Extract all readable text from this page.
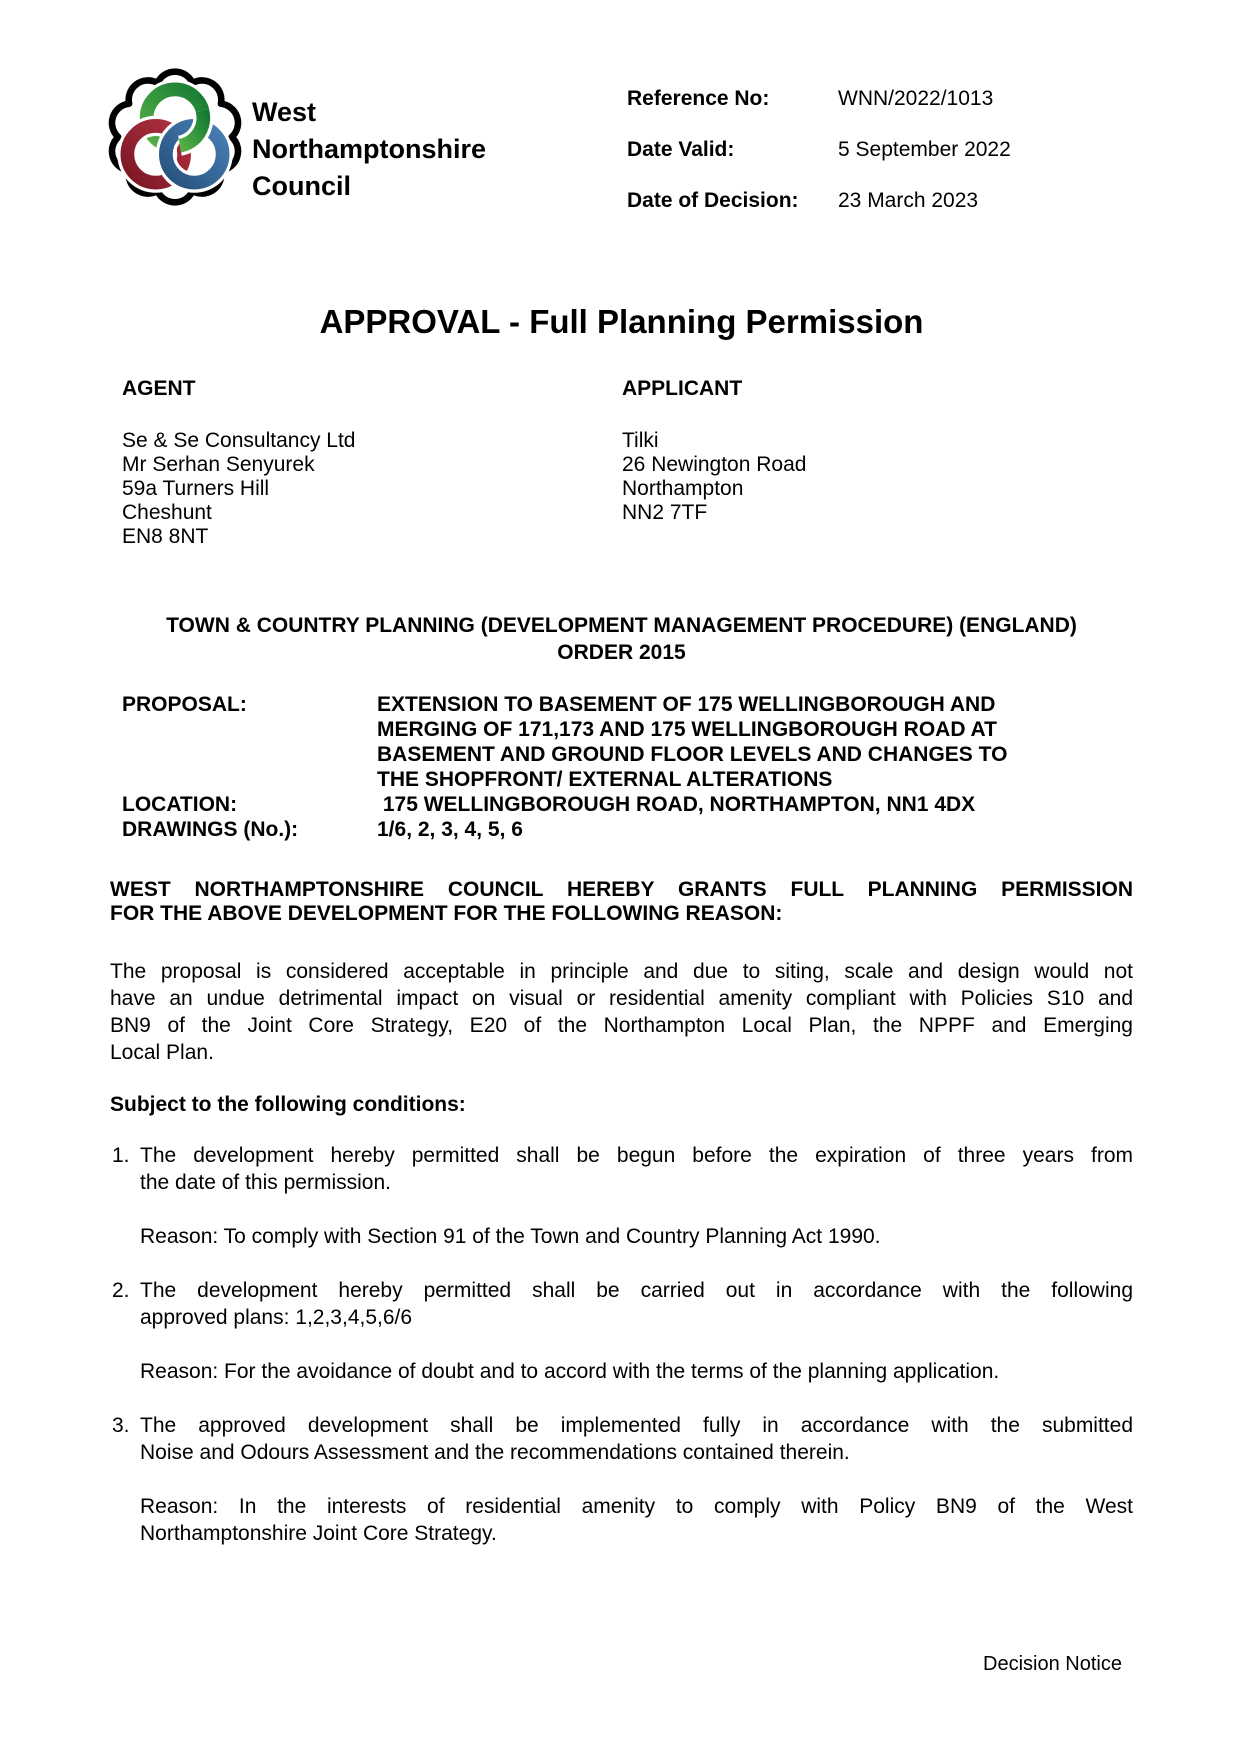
West
Northamptonshire
Council
Reference No:	WNN/2022/1013
Date Valid:	5 September 2022
Date of Decision: 23 March 2023
APPROVAL - Full Planning Permission
AGENT
Se & Se Consultancy Ltd
Mr Serhan Senyurek
59a Turners Hill
Cheshunt
EN8 8NT
APPLICANT
Tilki
26 Newington Road
Northampton
NN2 7TF
TOWN & COUNTRY PLANNING (DEVELOPMENT MANAGEMENT PROCEDURE) (ENGLAND)
ORDER 2015
PROPOSAL:	EXTENSION TO BASEMENT OF 175 WELLINGBOROUGH AND
MERGING OF 171,173 AND 175 WELLINGBOROUGH ROAD AT
BASEMENT AND GROUND FLOOR LEVELS AND CHANGES TO
THE SHOPFRONT/ EXTERNAL ALTERATIONS
LOCATION:	175 WELLINGBOROUGH ROAD, NORTHAMPTON, NN1 4DX
DRAWINGS (No.):	1/6, 2, 3, 4, 5, 6
WEST NORTHAMPTONSHIRE COUNCIL HEREBY GRANTS FULL PLANNING PERMISSION
FOR THE ABOVE DEVELOPMENT FOR THE FOLLOWING REASON:
The proposal is considered acceptable in principle and due to siting, scale and design would not
have an undue detrimental impact on visual or residential amenity compliant with Policies S10 and
BN9 of the Joint Core Strategy, E20 of the Northampton Local Plan, the NPPF and Emerging
Local Plan.
Subject to the following conditions:
1. The development hereby permitted shall be begun before the expiration of three years from
the date of this permission.
Reason: To comply with Section 91 of the Town and Country Planning Act 1990.
2. The development hereby permitted shall be carried out in accordance with the following
approved plans: 1,2,3,4,5,6/6
Reason: For the avoidance of doubt and to accord with the terms of the planning application.
3. The approved development shall be implemented fully in accordance with the submitted
Noise and Odours Assessment and the recommendations contained therein.
Reason: In the interests of residential amenity to comply with Policy BN9 of the West
Northamptonshire Joint Core Strategy.
Decision Notice
